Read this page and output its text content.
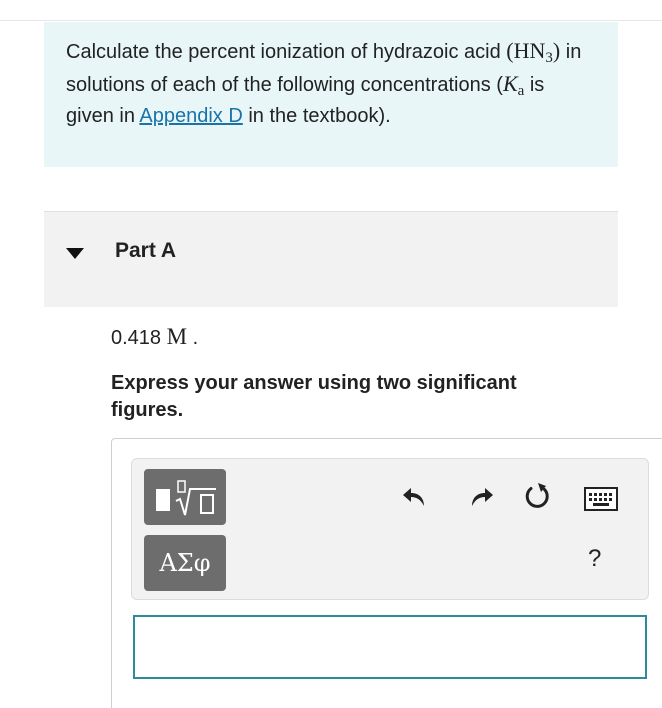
Calculate the percent ionization of hydrazoic acid $(HN_3)$ in solutions of each of the following concentrations ($K_a$ is given in Appendix D in the textbook).
Part A
0.418 M .
Express your answer using two significant figures.
ΑΣφ	?
